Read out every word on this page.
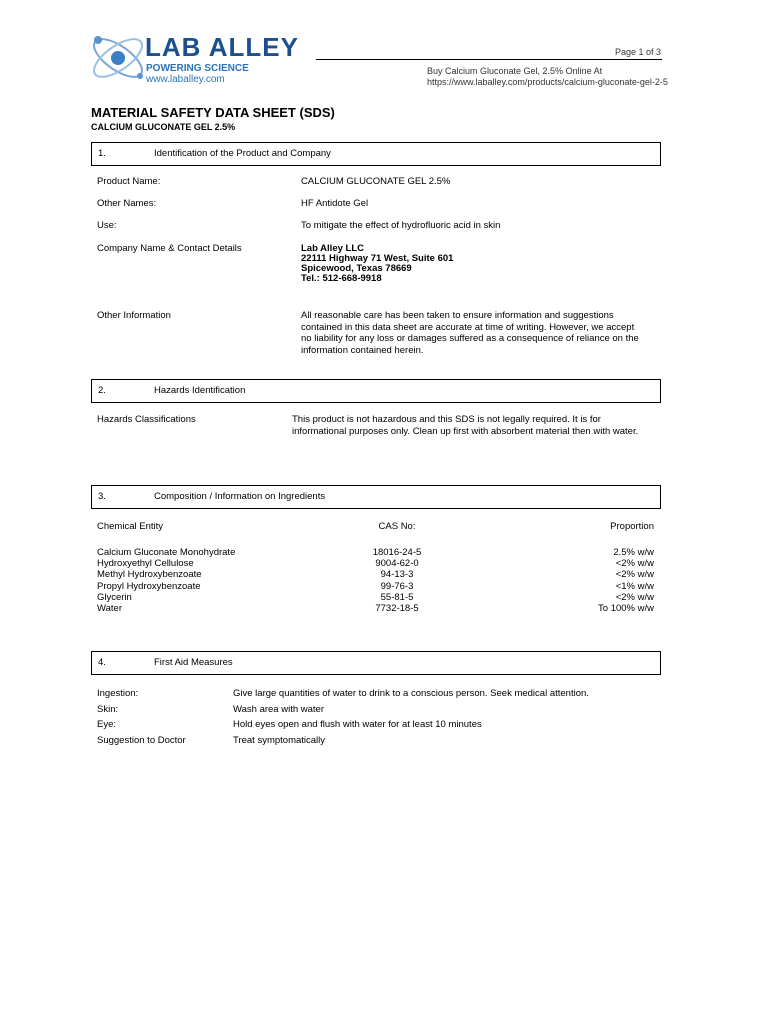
LAB ALLEY
POWERING SCIENCE
www.laballey.com
Page 1 of 3
Buy Calcium Gluconate Gel, 2.5% Online At
https://www.laballey.com/products/calcium-gluconate-gel-2-5
MATERIAL SAFETY DATA SHEET (SDS)
CALCIUM GLUCONATE GEL 2.5%
1.	Identification of the Product and Company
Product Name:	CALCIUM GLUCONATE GEL 2.5%
Other Names:	HF Antidote Gel
Use:	To mitigate the effect of hydrofluoric acid in skin
Company Name & Contact Details	Lab Alley LLC
22111 Highway 71 West, Suite 601
Spicewood, Texas 78669
Tel.: 512-668-9918
Other Information	All reasonable care has been taken to ensure information and suggestions contained in this data sheet are accurate at time of writing. However, we accept no liability for any loss or damages suffered as a consequence of reliance on the information contained herein.
2.	Hazards Identification
Hazards Classifications	This product is not hazardous and this SDS is not legally required. It is for informational purposes only. Clean up first with absorbent material then with water.
3.	Composition / Information on Ingredients
Chemical Entity	CAS No:	Proportion
Calcium Gluconate Monohydrate	18016-24-5	2.5% w/w
Hydroxyethyl Cellulose	9004-62-0	<2% w/w
Methyl Hydroxybenzoate	94-13-3	<2% w/w
Propyl Hydroxybenzoate	99-76-3	<1% w/w
Glycerin	55-81-5	<2% w/w
Water	7732-18-5	To 100% w/w
4.	First Aid Measures
Ingestion:	Give large quantities of water to drink to a conscious person. Seek medical attention.
Skin:	Wash area with water
Eye:	Hold eyes open and flush with water for at least 10 minutes
Suggestion to Doctor	Treat symptomatically
